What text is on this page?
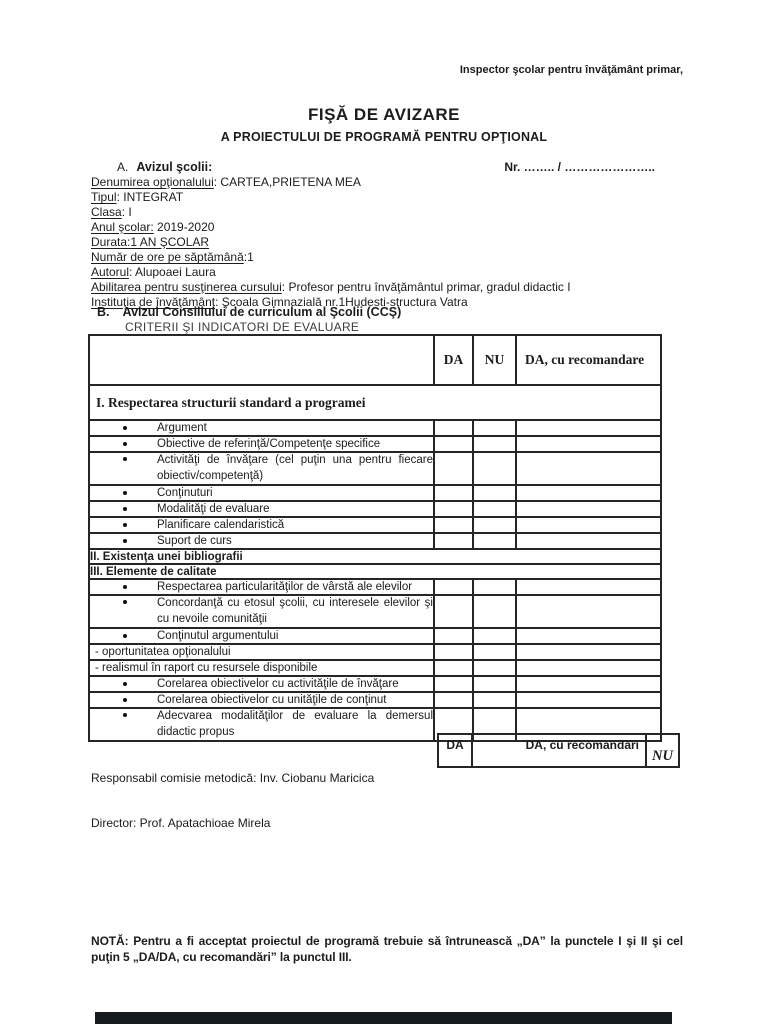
Inspector şcolar pentru învăţământ primar,
FIŞĂ DE AVIZARE
A PROIECTULUI DE PROGRAMĂ PENTRU OPŢIONAL
A. Avizul şcolii:	Nr. …….. / …………………..
Denumirea opţionalului: CARTEA,PRIETENA MEA
Tipul: INTEGRAT
Clasa: I
Anul şcolar: 2019-2020
Durata:1 AN ŞCOLAR
Număr de ore pe săptămână:1
Autorul: Alupoaei Laura
Abilitarea pentru susţinerea cursului: Profesor pentru învăţământul primar, gradul didactic I
Instituţia de învăţământ: Şcoala Gimnazială nr.1Hudesti-structura Vatra
B. Avizul Consiliului de curriculum al Şcolii (CCŞ)
CRITERII ŞI INDICATORI DE EVALUARE
	DA	NU	DA, cu recomandare
I. Respectarea structurii standard a programei			

Argument			

Obiective de referinţă/Competenţe specifice			

Activităţi de învăţare (cel puţin una pentru fiecare obiectiv/competenţă)			

Conţinuturi			

Modalităţi de evaluare			

Planificare calendaristică			

Suport de curs			

II. Existenţa unei bibliografii			
III. Elemente de calitate			

Respectarea particularităţilor de vârstă ale elevilor			

Concordanţă cu etosul şcolii, cu interesele elevilor şi cu nevoile comunităţii			

Conţinutul argumentului			

- oportunitatea opţionalului			

- realismul în raport cu resursele disponibile			

Corelarea obiectivelor cu activităţile de învăţare			

Corelarea obiectivelor cu unităţile de conţinut			

Adecvarea modalităţilor de evaluare la demersul didactic propus			

DA	DA, cu recomandări
NU
Responsabil comisie metodică: Inv. Ciobanu Maricica
Director: Prof. Apatachioae Mirela
NOTĂ: Pentru a fi acceptat proiectul de programă trebuie să întrunească „DA” la punctele I şi II şi cel puţin 5 „DA/DA, cu recomandări” la punctul III.
